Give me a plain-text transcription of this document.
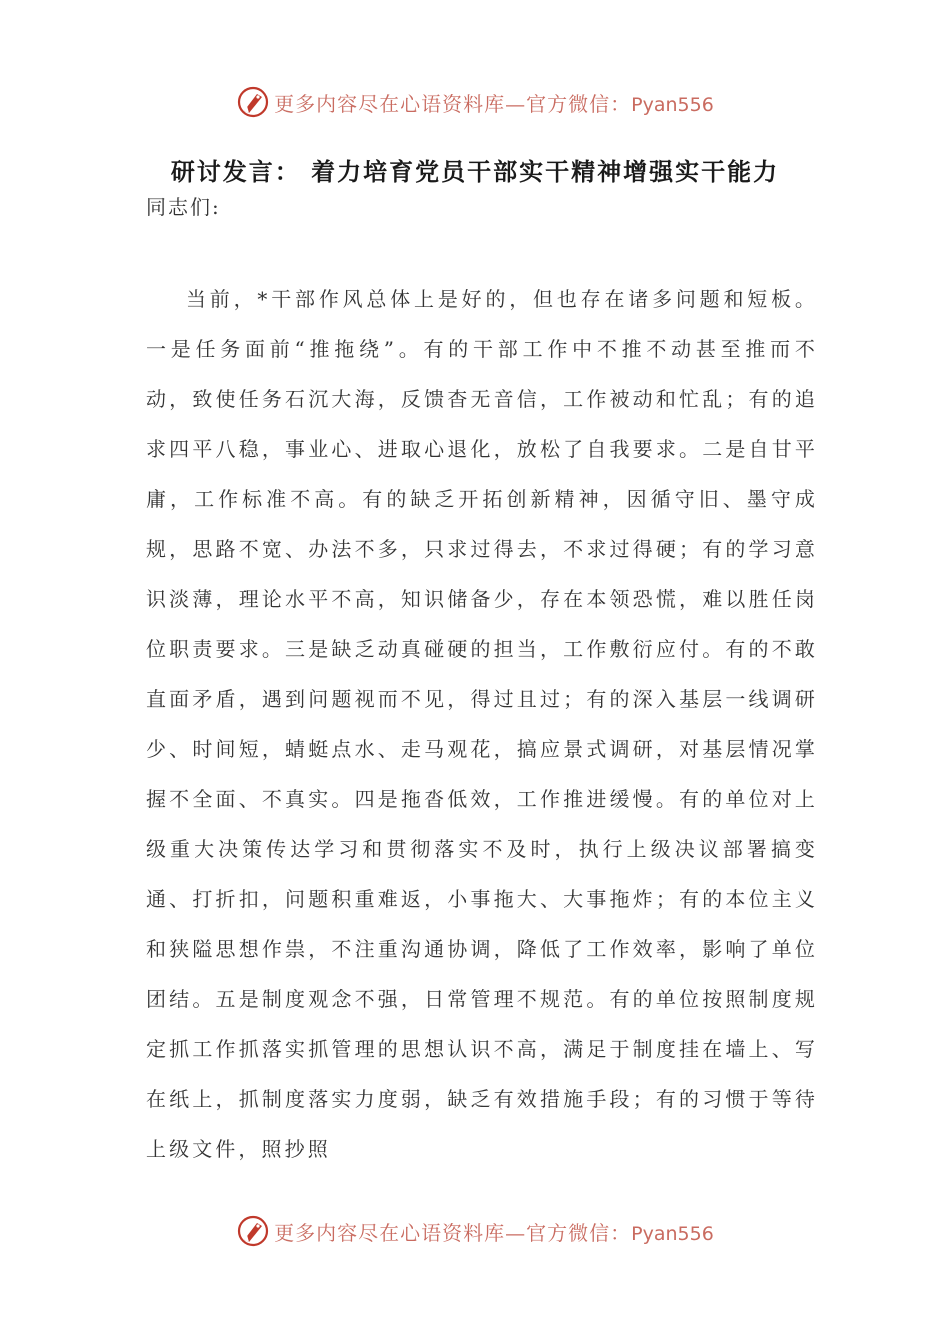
更多内容尽在心语资料库—官方微信：Pyan556
研讨发言： 着力培育党员干部实干精神增强实干能力
同志们:

当前，*干部作风总体上是好的，但也存在诸多问题和短板。一是任务面前“推拖绕”。有的干部工作中不推不动甚至推而不动，致使任务石沉大海，反馈杳无音信，工作被动和忙乱；有的追求四平八稳，事业心、进取心退化，放松了自我要求。二是自甘平庸，工作标准不高。有的缺乏开拓创新精神，因循守旧、墨守成规，思路不宽、办法不多，只求过得去，不求过得硬；有的学习意识淡薄，理论水平不高，知识储备少，存在本领恐慌，难以胜任岗位职责要求。三是缺乏动真碰硬的担当，工作敷衍应付。有的不敢直面矛盾，遇到问题视而不见，得过且过；有的深入基层一线调研少、时间短，蜻蜓点水、走马观花，搞应景式调研，对基层情况掌握不全面、不真实。四是拖沓低效，工作推进缓慢。有的单位对上级重大决策传达学习和贯彻落实不及时，执行上级决议部署搞变通、打折扣，问题积重难返，小事拖大、大事拖炸；有的本位主义和狭隘思想作祟，不注重沟通协调，降低了工作效率，影响了单位团结。五是制度观念不强，日常管理不规范。有的单位按照制度规定抓工作抓落实抓管理的思想认识不高，满足于制度挂在墙上、写在纸上，抓制度落实力度弱，缺乏有效措施手段；有的习惯于等待上级文件，照抄照

更多内容尽在心语资料库—官方微信：Pyan556
